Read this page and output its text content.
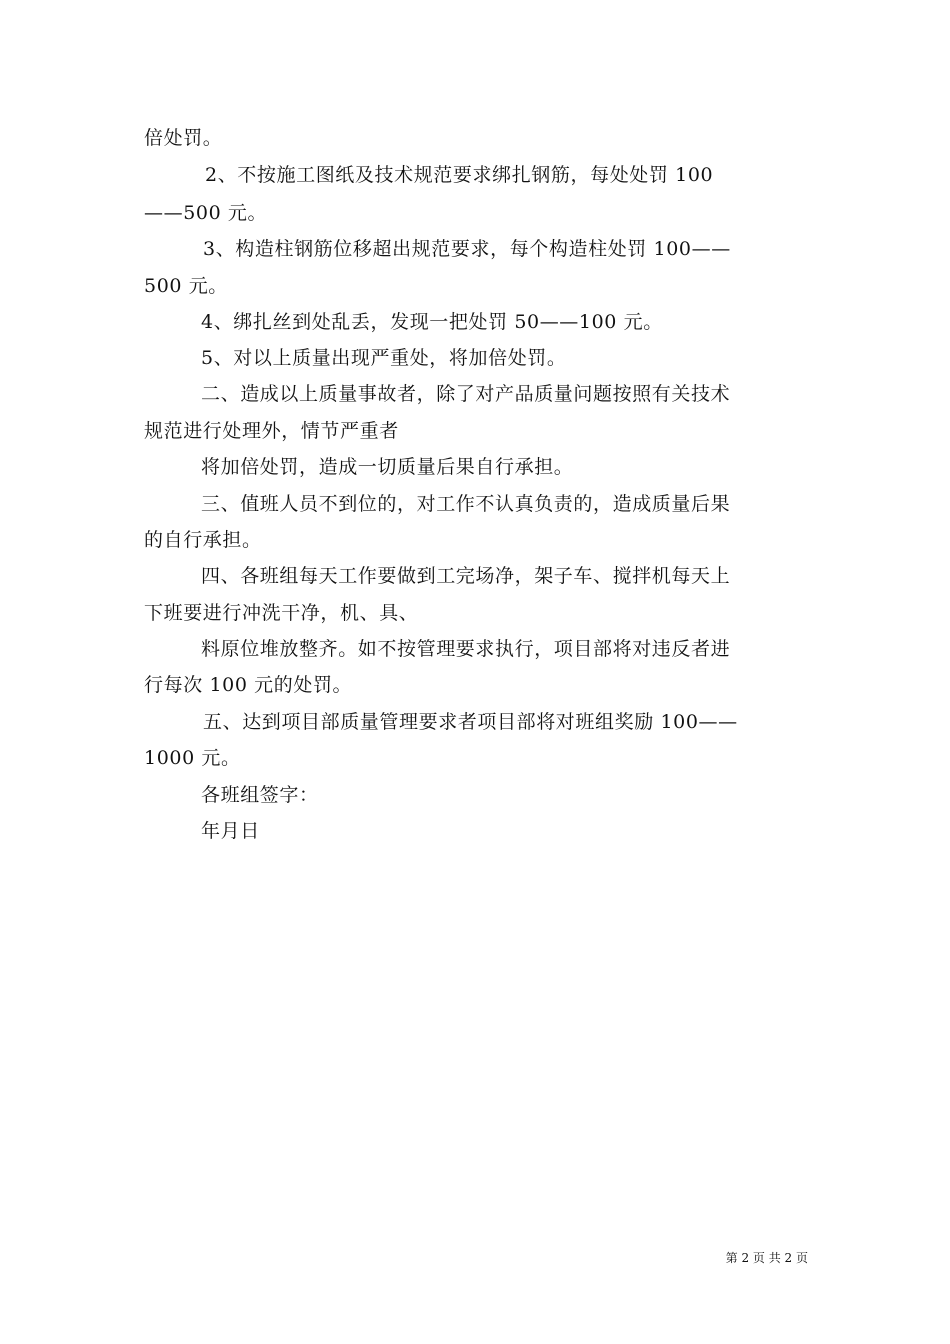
倍处罚。
2、不按施工图纸及技术规范要求绑扎钢筋，每处处罚 100
——500 元。
3、构造柱钢筋位移超出规范要求，每个构造柱处罚 100——
500 元。
4、绑扎丝到处乱丢，发现一把处罚 50——100 元。
5、对以上质量出现严重处，将加倍处罚。
二、造成以上质量事故者，除了对产品质量问题按照有关技术
规范进行处理外，情节严重者
将加倍处罚，造成一切质量后果自行承担。
三、值班人员不到位的，对工作不认真负责的，造成质量后果
的自行承担。
四、各班组每天工作要做到工完场净，架子车、搅拌机每天上
下班要进行冲洗干净，机、具、
料原位堆放整齐。如不按管理要求执行，项目部将对违反者进
行每次 100 元的处罚。
五、达到项目部质量管理要求者项目部将对班组奖励 100——
1000 元。
各班组签字：
年月日
第 2 页 共 2 页
